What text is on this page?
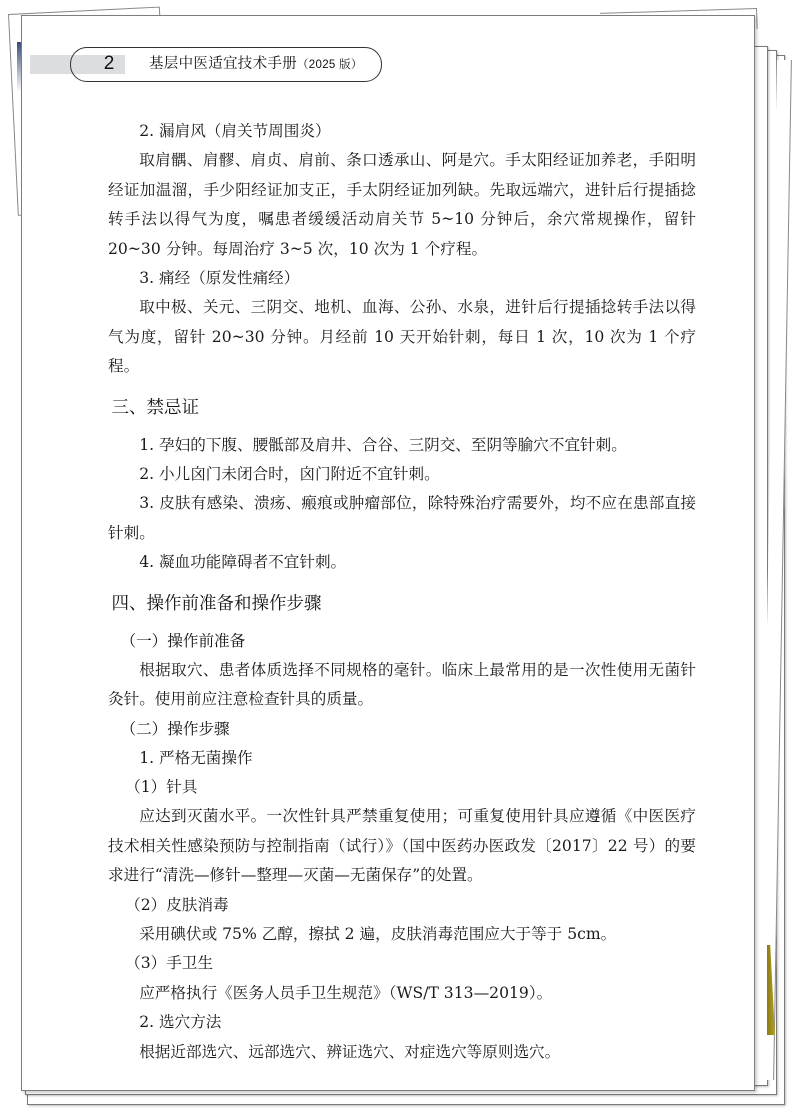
2	基层中医适宜技术手册（2025 版）

2. 漏肩风（肩关节周围炎）

取肩髃、肩髎、肩贞、肩前、条口透承山、阿是穴。手太阳经证加养老，手阳明经证加温溜，手少阳经证加支正，手太阴经证加列缺。先取远端穴，进针后行提插捻转手法以得气为度，嘱患者缓缓活动肩关节 5~10 分钟后，余穴常规操作，留针 20~30 分钟。每周治疗 3~5 次，10 次为 1 个疗程。

3. 痛经（原发性痛经）

取中极、关元、三阴交、地机、血海、公孙、水泉，进针后行提插捻转手法以得气为度，留针 20~30 分钟。月经前 10 天开始针刺，每日 1 次，10 次为 1 个疗程。

三、禁忌证

1. 孕妇的下腹、腰骶部及肩井、合谷、三阴交、至阴等腧穴不宜针刺。

2. 小儿囟门未闭合时，囟门附近不宜针刺。

3. 皮肤有感染、溃疡、瘢痕或肿瘤部位，除特殊治疗需要外，均不应在患部直接针刺。

4. 凝血功能障碍者不宜针刺。

四、操作前准备和操作步骤
（一）操作前准备

根据取穴、患者体质选择不同规格的毫针。临床上最常用的是一次性使用无菌针灸针。使用前应注意检查针具的质量。

（二）操作步骤

1. 严格无菌操作

（1）针具

应达到灭菌水平。一次性针具严禁重复使用；可重复使用针具应遵循《中医医疗技术相关性感染预防与控制指南（试行）》（国中医药办医政发〔2017〕22 号）的要求进行“清洗—修针—整理—灭菌—无菌保存”的处置。

（2）皮肤消毒

采用碘伏或 75% 乙醇，擦拭 2 遍，皮肤消毒范围应大于等于 5cm。

（3）手卫生

应严格执行《医务人员手卫生规范》（WS/T 313—2019）。

2. 选穴方法

根据近部选穴、远部选穴、辨证选穴、对症选穴等原则选穴。
